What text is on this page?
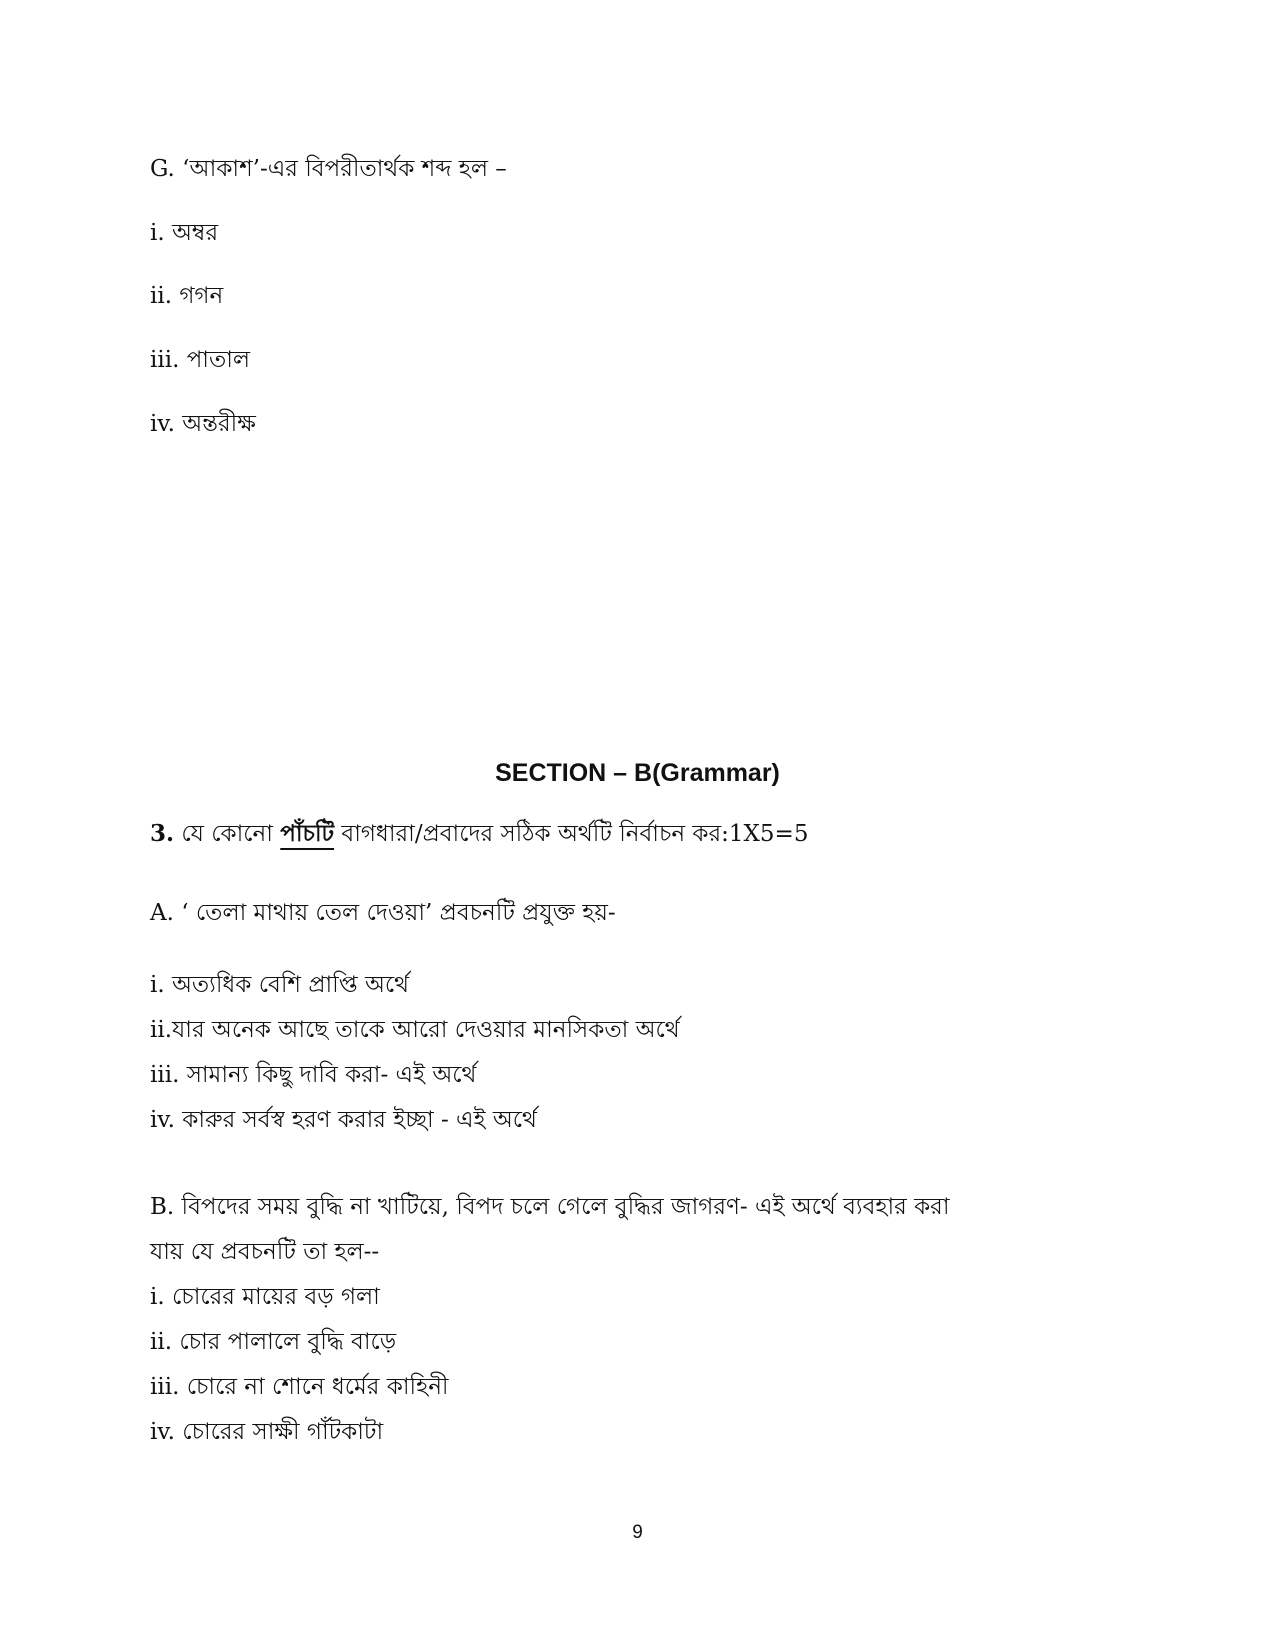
G. ‘আকাশ’-এর বিপরীতার্থক শব্দ হল –
i. অম্বর
ii. গগন
iii. পাতাল
iv. অন্তরীক্ষ
SECTION – B(Grammar)
3. যে কোনো পাঁচটি বাগধারা/প্রবাদের সঠিক অর্থটি নির্বাচন কর:1X5=5
A. ‘ তেলা মাথায় তেল দেওয়া’ প্রবচনটি প্রযুক্ত হয়-
i. অত্যধিক বেশি প্রাপ্তি অর্থে
ii.যার অনেক আছে তাকে আরো দেওয়ার মানসিকতা অর্থে
iii. সামান্য কিছু দাবি করা- এই অর্থে
iv. কারুর সর্বস্ব হরণ করার ইচ্ছা - এই অর্থে
B. বিপদের সময় বুদ্ধি না খাটিয়ে, বিপদ চলে গেলে বুদ্ধির জাগরণ- এই অর্থে ব্যবহার করা
যায় যে প্রবচনটি তা হল--
i. চোরের মায়ের বড় গলা
ii. চোর পালালে বুদ্ধি বাড়ে
iii. চোরে না শোনে ধর্মের কাহিনী
iv. চোরের সাক্ষী গাঁটকাটা
9
